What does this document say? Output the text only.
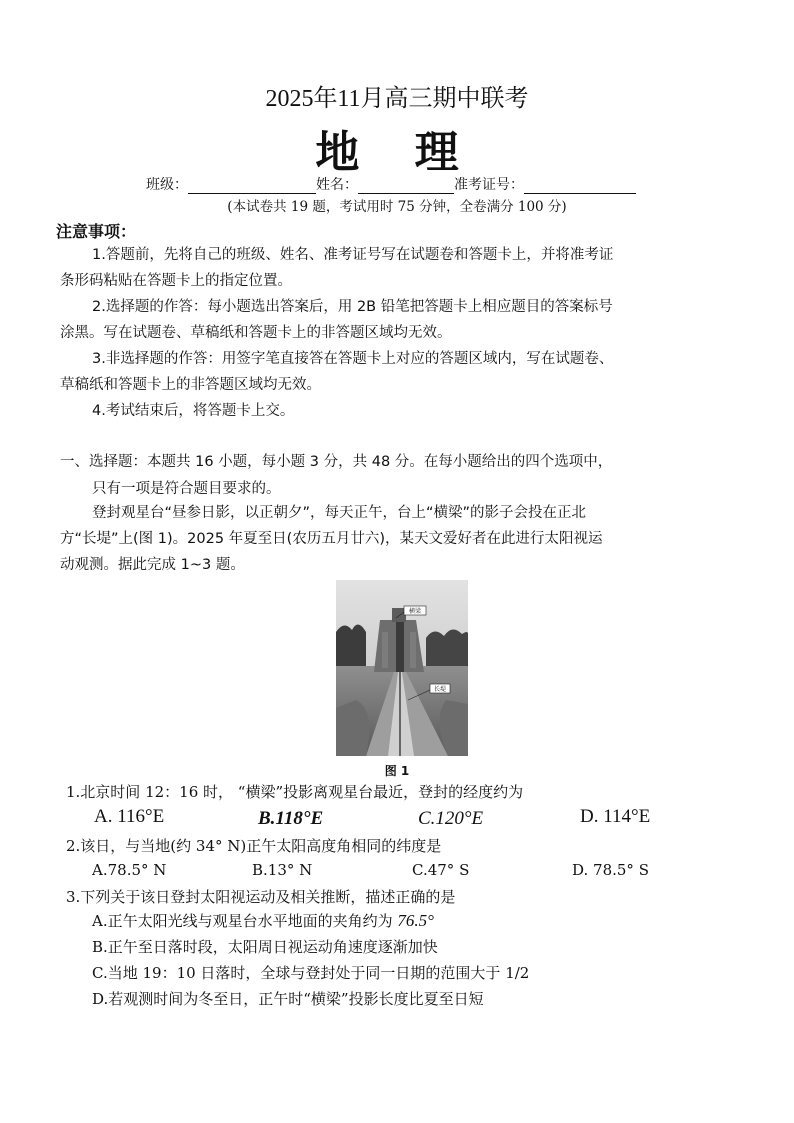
2025年11月高三期中联考
地 理
班级：	姓名：	准考证号：
(本试卷共 19 题，考试用时 75 分钟，全卷满分 100 分)
注意事项：
1.答题前，先将自己的班级、姓名、准考证号写在试题卷和答题卡上，并将准考证
条形码粘贴在答题卡上的指定位置。
2.选择题的作答：每小题选出答案后，用 2B 铅笔把答题卡上相应题目的答案标号
涂黑。写在试题卷、草稿纸和答题卡上的非答题区域均无效。
3.非选择题的作答：用签字笔直接答在答题卡上对应的答题区域内，写在试题卷、
草稿纸和答题卡上的非答题区域均无效。
4.考试结束后，将答题卡上交。
一、选择题：本题共 16 小题，每小题 3 分，共 48 分。在每小题给出的四个选项中，
只有一项是符合题目要求的。
登封观星台“昼参日影，以正朝夕”，每天正午，台上“横梁”的影子会投在正北
方“长堤”上(图 1)。2025 年夏至日(农历五月廿六)，某天文爱好者在此进行太阳视运
动观测。据此完成 1~3 题。
横梁
长堤
图 1
1.北京时间 12：16 时， “横梁”投影离观星台最近，登封的经度约为
A. 116°E	B.118°E	C.120°E	D. 114°E
2.该日，与当地(约 34° N)正午太阳高度角相同的纬度是
A.78.5° N	B.13° N	C.47° S	D. 78.5° S
3.下列关于该日登封太阳视运动及相关推断，描述正确的是
A.正午太阳光线与观星台水平地面的夹角约为 76.5°
B.正午至日落时段，太阳周日视运动角速度逐渐加快
C.当地 19：10 日落时，全球与登封处于同一日期的范围大于 1/2
D.若观测时间为冬至日，正午时“横梁”投影长度比夏至日短
